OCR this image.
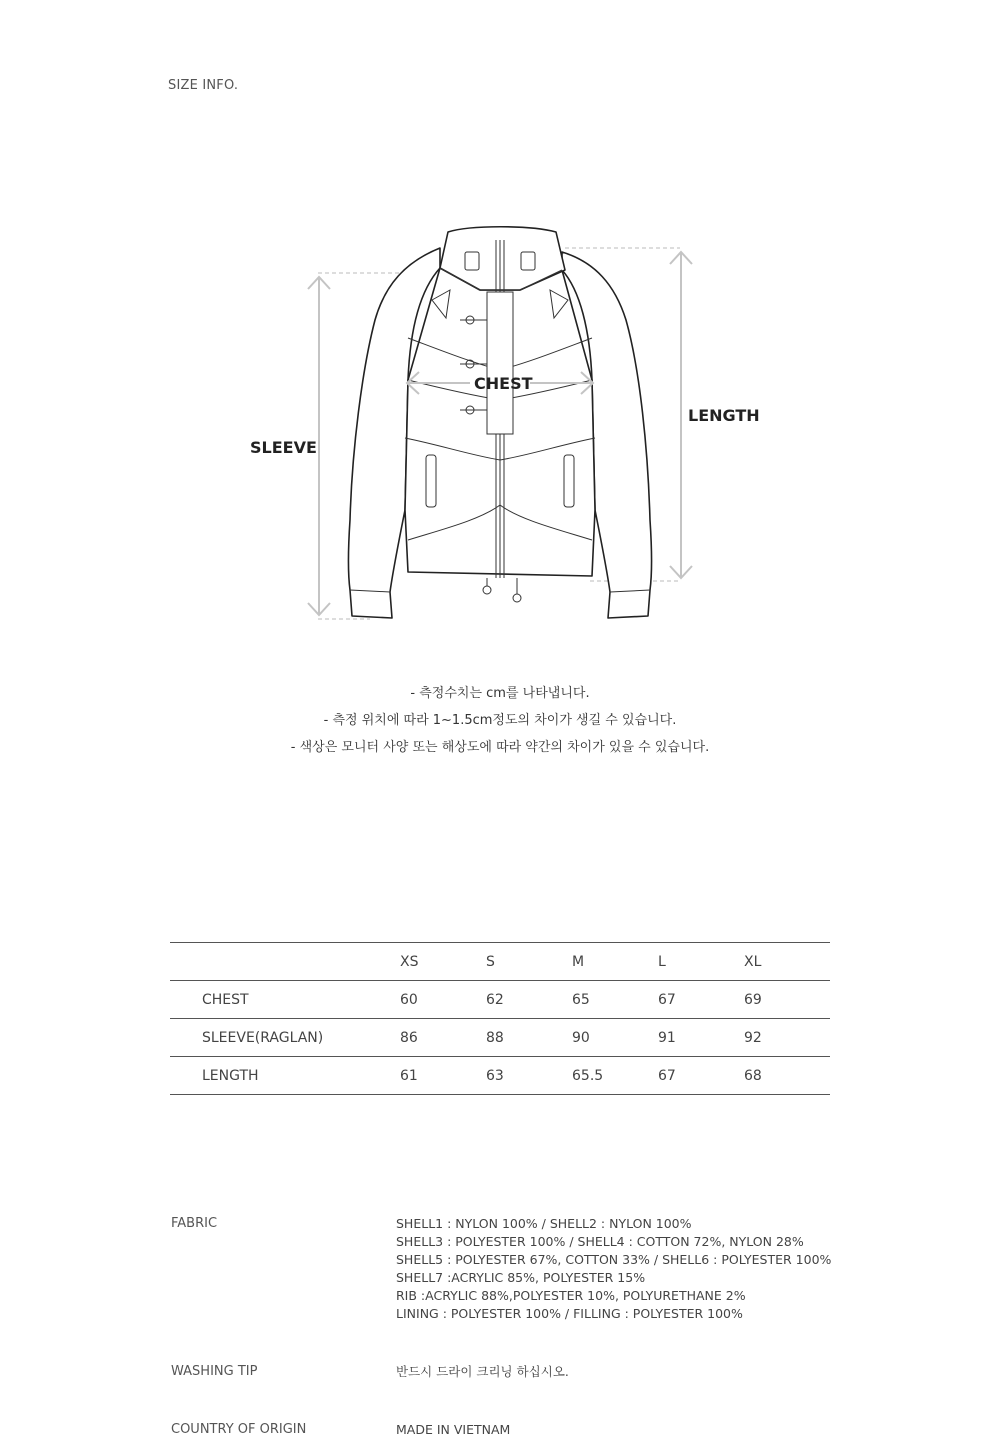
SIZE INFO.
CHEST
SLEEVE
LENGTH
- 측정수치는 cm를 나타냅니다.
- 측정 위치에 따라 1~1.5cm정도의 차이가 생길 수 있습니다.
- 색상은 모니터 사양 또는 해상도에 따라 약간의 차이가 있을 수 있습니다.
	XS	S	M	L	XL
CHEST	60	62	65	67	69
SLEEVE(RAGLAN)	86	88	90	91	92
LENGTH	61	63	65.5	67	68
FABRIC	SHELL1 : NYLON 100% / SHELL2 : NYLON 100%
SHELL3 : POLYESTER 100% / SHELL4 : COTTON 72%, NYLON 28%
SHELL5 : POLYESTER 67%, COTTON 33% / SHELL6 : POLYESTER 100%
SHELL7 :ACRYLIC 85%, POLYESTER 15%
RIB :ACRYLIC 88%,POLYESTER 10%, POLYURETHANE 2%
LINING : POLYESTER 100% / FILLING : POLYESTER 100%
WASHING TIP	반드시 드라이 크리닝 하십시오.
COUNTRY OF ORIGIN	MADE IN VIETNAM
